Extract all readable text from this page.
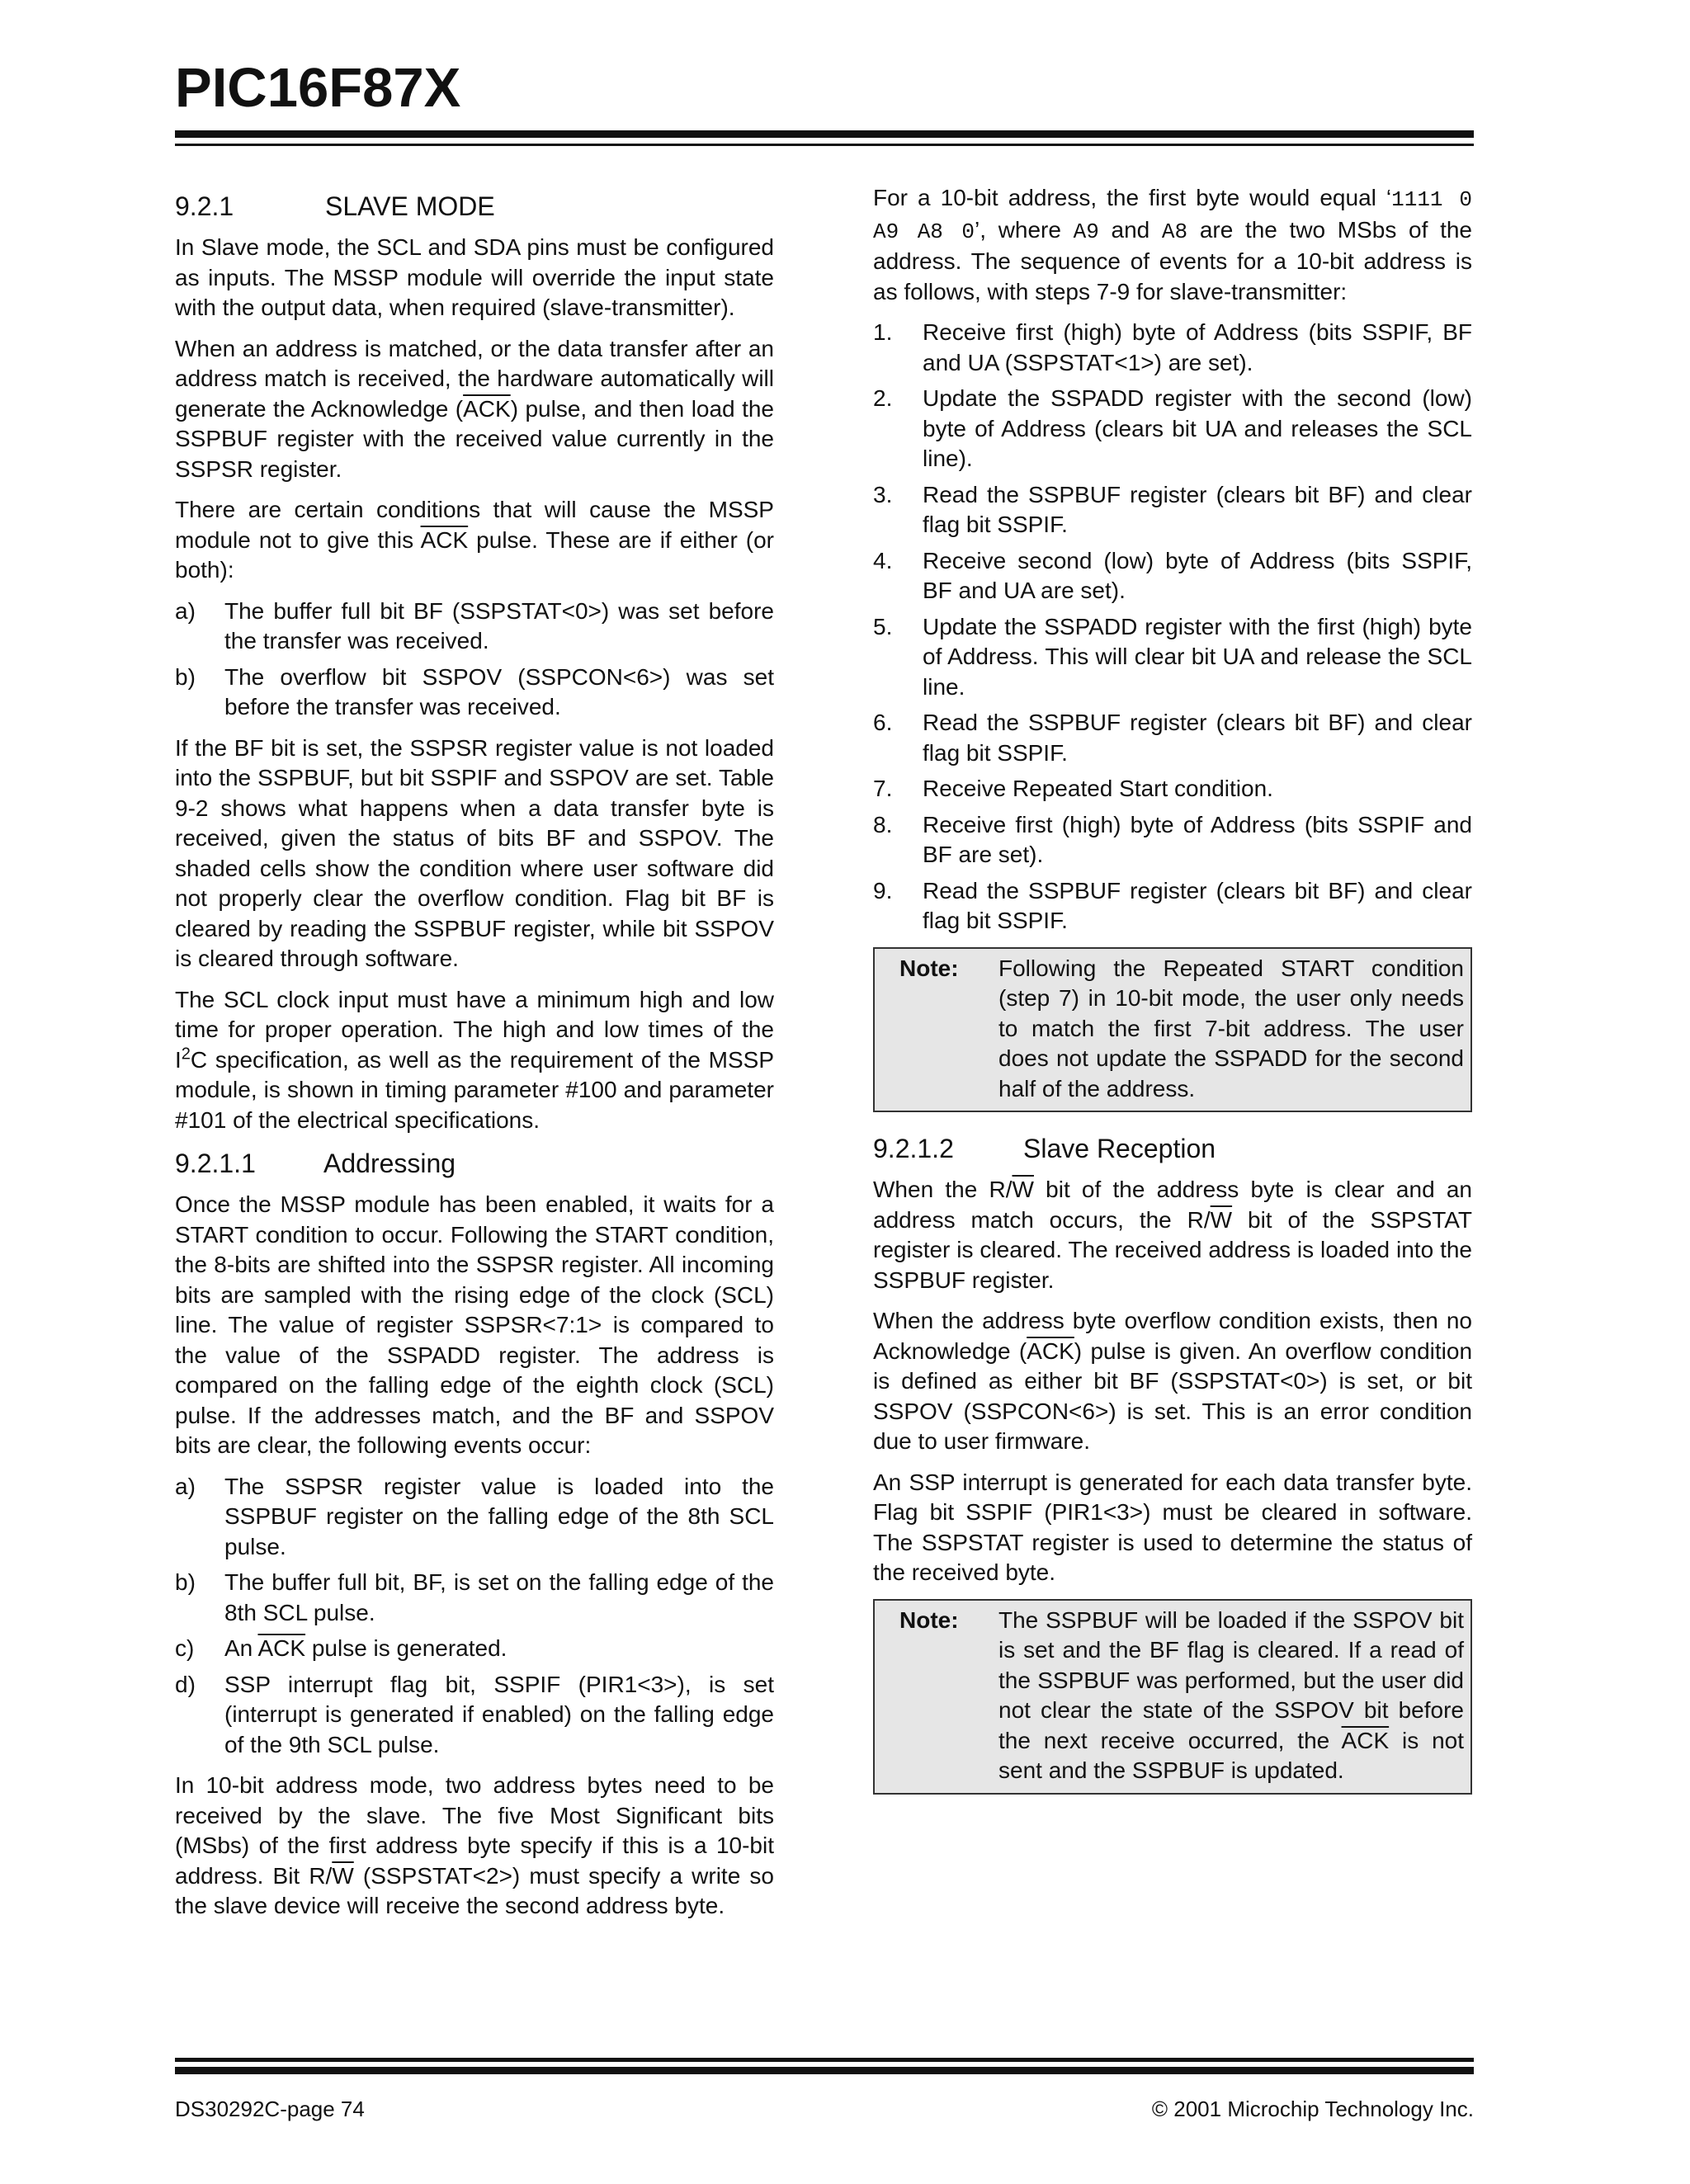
PIC16F87X
9.2.1	SLAVE MODE

In Slave mode, the SCL and SDA pins must be configured as inputs. The MSSP module will override the input state with the output data, when required (slave-transmitter).

When an address is matched, or the data transfer after an address match is received, the hardware automatically will generate the Acknowledge $(\overline{ACK})$ pulse, and then load the SSPBUF register with the received value currently in the SSPSR register.

There are certain conditions that will cause the MSSP module not to give this $\overline{ACK}$ pulse. These are if either (or both):

a) The buffer full bit BF (SSPSTAT<0>) was set before the transfer was received.
b) The overflow bit SSPOV (SSPCON<6>) was set before the transfer was received.

If the BF bit is set, the SSPSR register value is not loaded into the SSPBUF, but bit SSPIF and SSPOV are set. Table 9-2 shows what happens when a data transfer byte is received, given the status of bits BF and SSPOV. The shaded cells show the condition where user software did not properly clear the overflow condition. Flag bit BF is cleared by reading the SSPBUF register, while bit SSPOV is cleared through software.

The SCL clock input must have a minimum high and low time for proper operation. The high and low times of the $I^2C$ specification, as well as the requirement of the MSSP module, is shown in timing parameter #100 and parameter #101 of the electrical specifications.

9.2.1.1	Addressing

Once the MSSP module has been enabled, it waits for a START condition to occur. Following the START condition, the 8-bits are shifted into the SSPSR register. All incoming bits are sampled with the rising edge of the clock (SCL) line. The value of register SSPSR<7:1> is compared to the value of the SSPADD register. The address is compared on the falling edge of the eighth clock (SCL) pulse. If the addresses match, and the BF and SSPOV bits are clear, the following events occur:

a) The SSPSR register value is loaded into the SSPBUF register on the falling edge of the 8th SCL pulse.
b) The buffer full bit, BF, is set on the falling edge of the 8th SCL pulse.
c) An $\overline{ACK}$ pulse is generated.
d) SSP interrupt flag bit, SSPIF (PIR1<3>), is set (interrupt is generated if enabled) on the falling edge of the 9th SCL pulse.

In 10-bit address mode, two address bytes need to be received by the slave. The five Most Significant bits (MSbs) of the first address byte specify if this is a 10-bit address. Bit $R/\overline{W}$ (SSPSTAT<2>) must specify a write so the slave device will receive the second address byte.

For a 10-bit address, the first byte would equal ‘1111 0 A9 A8 0’, where A9 and A8 are the two MSbs of the address. The sequence of events for a 10-bit address is as follows, with steps 7-9 for slave-transmitter:

1. Receive first (high) byte of Address (bits SSPIF, BF and UA (SSPSTAT<1>) are set).
2. Update the SSPADD register with the second (low) byte of Address (clears bit UA and releases the SCL line).
3. Read the SSPBUF register (clears bit BF) and clear flag bit SSPIF.
4. Receive second (low) byte of Address (bits SSPIF, BF and UA are set).
5. Update the SSPADD register with the first (high) byte of Address. This will clear bit UA and release the SCL line.
6. Read the SSPBUF register (clears bit BF) and clear flag bit SSPIF.
7. Receive Repeated Start condition.
8. Receive first (high) byte of Address (bits SSPIF and BF are set).
9. Read the SSPBUF register (clears bit BF) and clear flag bit SSPIF.
Note: Following the Repeated START condition (step 7) in 10-bit mode, the user only needs to match the first 7-bit address. The user does not update the SSPADD for the second half of the address.
9.2.1.2	Slave Reception

When the $R/\overline{W}$ bit of the address byte is clear and an address match occurs, the $R/\overline{W}$ bit of the SSPSTAT register is cleared. The received address is loaded into the SSPBUF register.

When the address byte overflow condition exists, then no Acknowledge $(\overline{ACK})$ pulse is given. An overflow condition is defined as either bit BF (SSPSTAT<0>) is set, or bit SSPOV (SSPCON<6>) is set. This is an error condition due to user firmware.

An SSP interrupt is generated for each data transfer byte. Flag bit SSPIF (PIR1<3>) must be cleared in software. The SSPSTAT register is used to determine the status of the received byte.

Note: The SSPBUF will be loaded if the SSPOV bit is set and the BF flag is cleared. If a read of the SSPBUF was performed, but the user did not clear the state of the SSPOV bit before the next receive occurred, the $\overline{ACK}$ is not sent and the SSPBUF is updated.
DS30292C-page 74	© 2001 Microchip Technology Inc.
